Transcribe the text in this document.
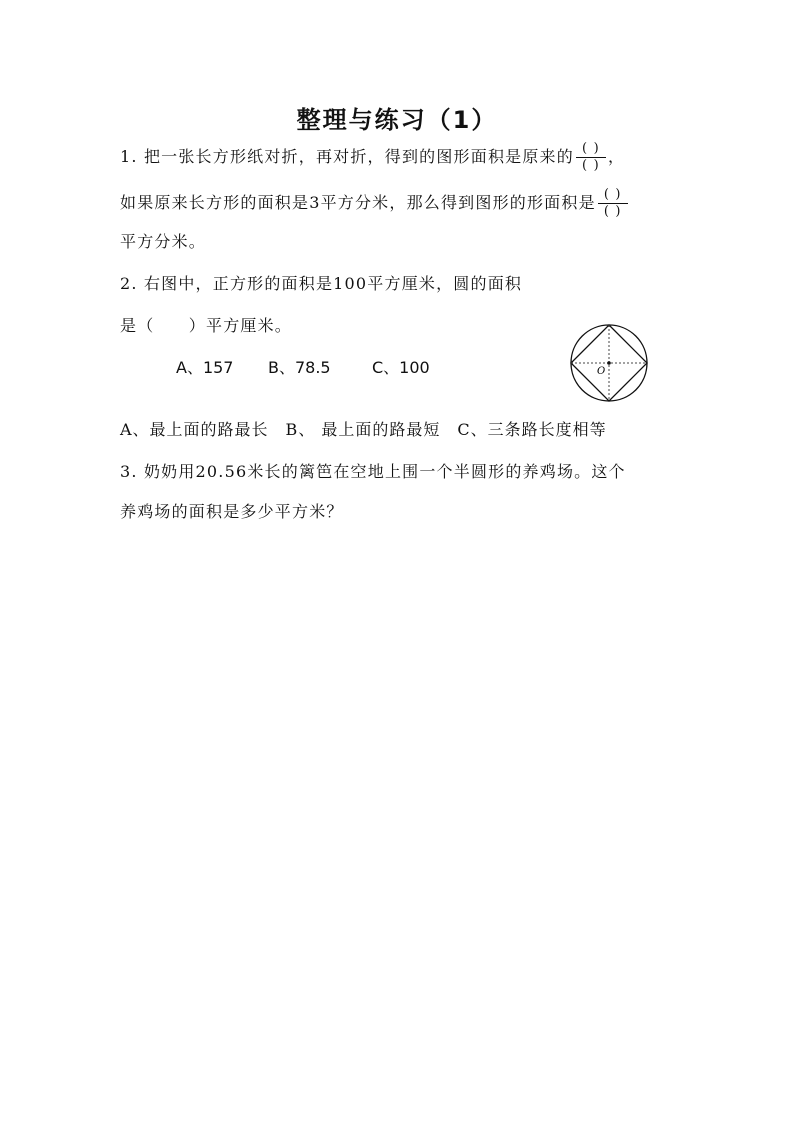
整理与练习（1）
1. 把一张长方形纸对折，再对折，得到的图形面积是原来的 $\frac{( )}{( )}$ ，
如果原来长方形的面积是3平方分米，那么得到图形的形面积是 $\frac{( )}{( )}$
平方分米。
2. 右图中，正方形的面积是100平方厘米，圆的面积
是（　　）平方厘米。
A、157 B、78.5	C、100	O
A、最上面的路最长　B、 最上面的路最短　C、三条路长度相等
3. 奶奶用20.56米长的篱笆在空地上围一个半圆形的养鸡场。这个
养鸡场的面积是多少平方米？
